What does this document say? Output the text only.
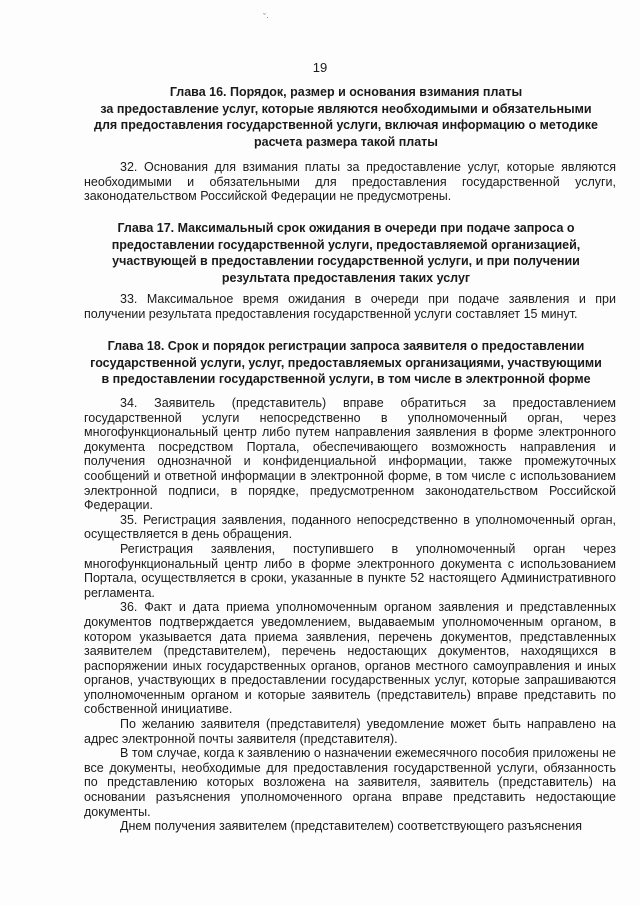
ˇ·
19
Глава 16. Порядок, размер и основания взимания платы
за предоставление услуг, которые являются необходимыми и обязательными
для предоставления государственной услуги, включая информацию о методике
расчета размера такой платы

32. Основания для взимания платы за предоставление услуг, которые являются необходимыми и обязательными для предоставления государственной услуги, законодательством Российской Федерации не предусмотрены.

Глава 17. Максимальный срок ожидания в очереди при подаче запроса о
предоставлении государственной услуги, предоставляемой организацией,
участвующей в предоставлении государственной услуги, и при получении
результата предоставления таких услуг

33. Максимальное время ожидания в очереди при подаче заявления и при получении результата предоставления государственной услуги составляет 15 минут.

Глава 18. Срок и порядок регистрации запроса заявителя о предоставлении
государственной услуги, услуг, предоставляемых организациями, участвующими
в предоставлении государственной услуги, в том числе в электронной форме

34. Заявитель (представитель) вправе обратиться за предоставлением государственной услуги непосредственно в уполномоченный орган, через многофункциональный центр либо путем направления заявления в форме электронного документа посредством Портала, обеспечивающего возможность направления и получения однозначной и конфиденциальной информации, также промежуточных сообщений и ответной информации в электронной форме, в том числе с использованием электронной подписи, в порядке, предусмотренном законодательством Российской Федерации.

35. Регистрация заявления, поданного непосредственно в уполномоченный орган, осуществляется в день обращения.

Регистрация заявления, поступившего в уполномоченный орган через многофункциональный центр либо в форме электронного документа с использованием Портала, осуществляется в сроки, указанные в пункте 52 настоящего Административного регламента.

36. Факт и дата приема уполномоченным органом заявления и представленных документов подтверждается уведомлением, выдаваемым уполномоченным органом, в котором указывается дата приема заявления, перечень документов, представленных заявителем (представителем), перечень недостающих документов, находящихся в распоряжении иных государственных органов, органов местного самоуправления и иных органов, участвующих в предоставлении государственных услуг, которые запрашиваются уполномоченным органом и которые заявитель (представитель) вправе представить по собственной инициативе.

По желанию заявителя (представителя) уведомление может быть направлено на адрес электронной почты заявителя (представителя).

В том случае, когда к заявлению о назначении ежемесячного пособия приложены не все документы, необходимые для предоставления государственной услуги, обязанность по представлению которых возложена на заявителя, заявитель (представитель) на основании разъяснения уполномоченного органа вправе представить недостающие документы.

Днем получения заявителем (представителем) соответствующего разъяснения
